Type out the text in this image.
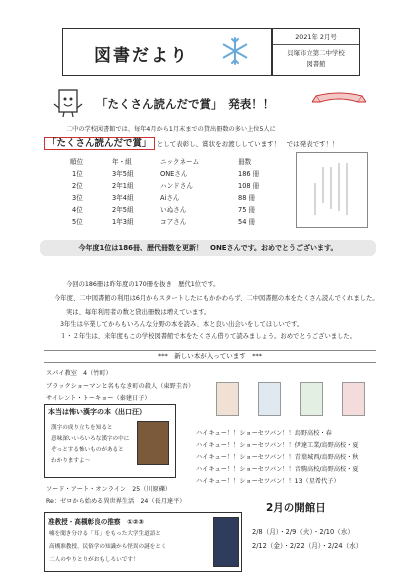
図書だより
2021年 2月号
貝塚市立第二中学校
図書館
「たくさん読んだで賞」　発表！！
二中の学校図書館では、毎年4月から1月末までの貸出冊数の多い上位5人に
「たくさん読んだで賞」 として表彰し、賞状をお渡ししています！　では発表です！！
順位	年・組	ニックネーム	冊数
1位	3年5組	ONEさん	186 冊
2位	2年1組	ハンドさん	108 冊
3位	3年4組	Aiさん	88 冊
4位	2年5組	いぬさん	75 冊
5位	1年3組	コアさん	54 冊
今年度1位は186冊、歴代冊数を更新！　ONEさんです。おめでとうございます。
今回の186冊は昨年度の170冊を抜き　歴代1位です。
今年度、二中図書館の利用は6月からスタートしたにもかかわらず、二中図書館の本をたくさん読んでくれました。
実は、毎年利用者の数と貸出冊数は増えています。
3年生は卒業してからもいろんな分野の本を読み、本と良い出会いをしてほしいです。
１・２年生は、来年度もこの学校図書館で本をたくさん借りて読みましょう。おめでとうございました。
***　新しい本が入っています　***
スパイ教室　4（竹町）
ブラックショーマンと名もなき町の殺人（東野圭吾）
サイレント・トーキョー（秦建日子）
本当は怖い漢字の本（出口汪）
漢字の成り立ちを知ると
意味深いいろいろな漢字の中に
ぞっとする怖いものがあると
わかりますよ～
ハイキュー！！ショーセツバン！！烏野高校・春
ハイキュー！！ショーセツバン！！伊達工業/烏野高校・夏
ハイキュー！！ショーセツバン！！青葉城西/烏野高校・秋
ハイキュー！！ショーセツバン！！音駒高校/烏野高校・夏
ハイキュー！！ショーセツバン！！13（星希代子）
ソード・アート・オンライン　25（川原礫）
Re：ゼロから始める異世界生活　24（長月達平）
准教授・高槻彰良の推察　①②③
嘘を聞き分ける「耳」をもった大学生道語と
高槻准教授。民俗学の知識から怪異の謎をとく
二人のやりとりがおもしろいです！
2月の開館日
2/8（月）・2/9（火）・2/10（水）
2/12（金）・2/22（月）・2/24（水）
